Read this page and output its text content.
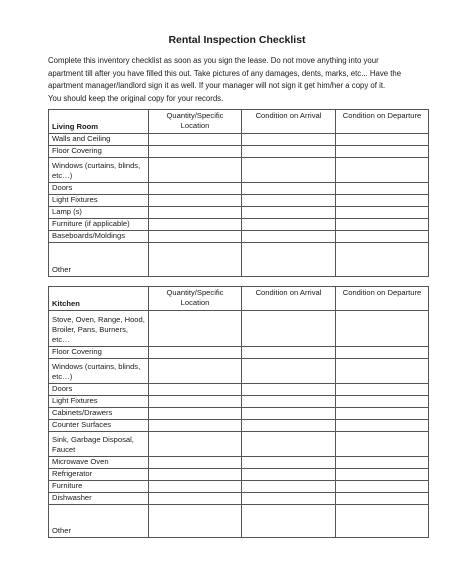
Rental Inspection Checklist
Complete this inventory checklist as soon as you sign the lease. Do not move anything into your
apartment till after you have filled this out. Take pictures of any damages, dents, marks, etc... Have the
apartment manager/landlord sign it as well. If your manager will not sign it get him/her a copy of it.
You should keep the original copy for your records.
Living Room	Quantity/Specific Location	Condition on Arrival	Condition on Departure
Walls and Ceiling			
Floor Covering			
Windows (curtains, blinds, etc…)			
Doors			
Light Fixtures			
Lamp (s)			
Furniture (if applicable)			
Baseboards/Moldings			
Other			
Kitchen	Quantity/Specific Location	Condition on Arrival	Condition on Departure
Stove, Oven, Range, Hood, Broiler, Pans, Burners, etc…			
Floor Covering			
Windows (curtains, blinds, etc…)			
Doors			
Light Fixtures			
Cabinets/Drawers			
Counter Surfaces			
Sink, Garbage Disposal, Faucet			
Microwave Oven			
Refrigerator			
Furniture			
Dishwasher			
Other			
